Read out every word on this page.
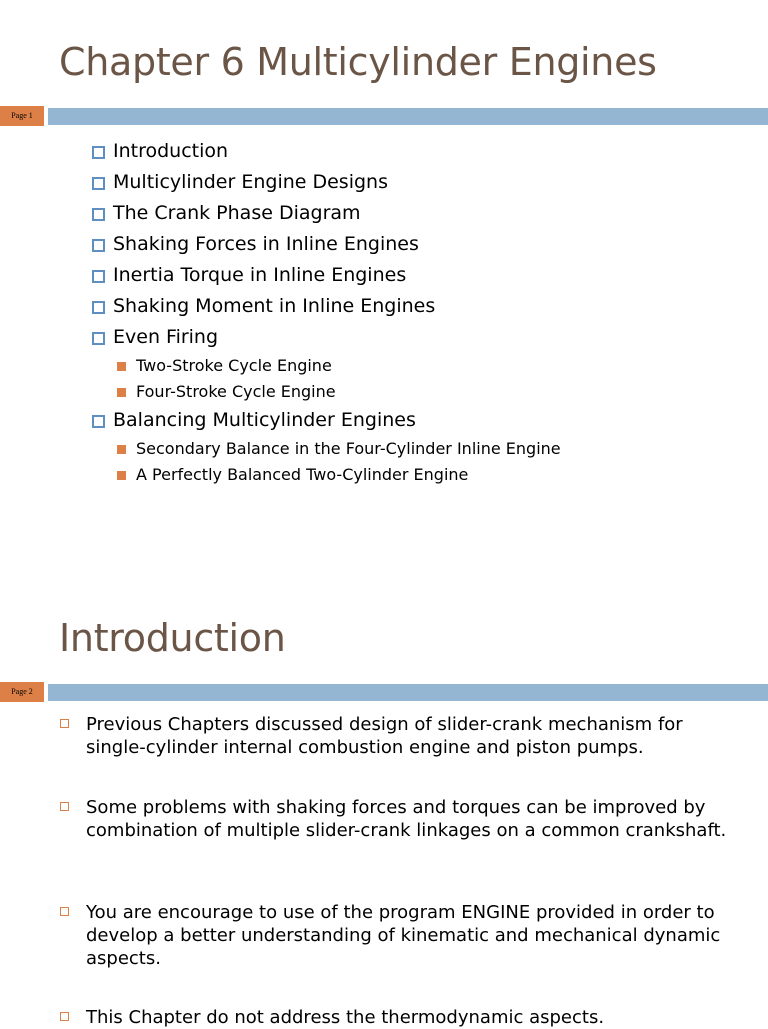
Chapter 6 Multicylinder Engines
Page 1
Introduction
Multicylinder Engine Designs
The Crank Phase Diagram
Shaking Forces in Inline Engines
Inertia Torque in Inline Engines
Shaking Moment in Inline Engines
Even Firing
Two-Stroke Cycle Engine
Four-Stroke Cycle Engine
Balancing Multicylinder Engines
Secondary Balance in the Four-Cylinder Inline Engine
A Perfectly Balanced Two-Cylinder Engine
Introduction
Page 2
Previous Chapters discussed design of slider-crank mechanism for single-cylinder internal combustion engine and piston pumps.
Some problems with shaking forces and torques can be improved by combination of multiple slider-crank linkages on a common crankshaft.
You are encourage to use of the program ENGINE provided in order to develop a better understanding of kinematic and mechanical dynamic aspects.
This Chapter do not address the thermodynamic aspects.
